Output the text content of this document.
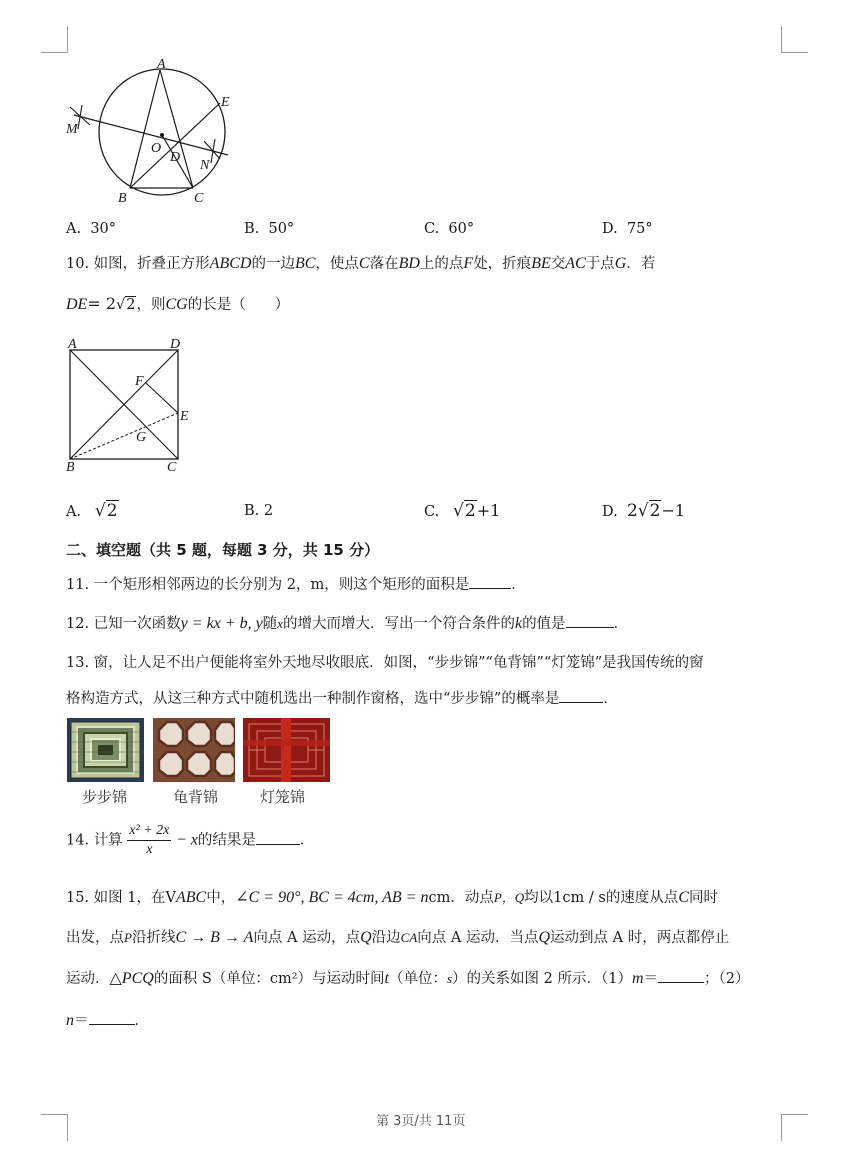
A
E
M
O
D
N
B	C
A. 30°	B. 50°	C. 60°	D. 75°
10. 如图，折叠正方形ABCD的一边BC，使点C落在BD上的点F处，折痕BE交AC于点G．若
DE= 2√2，则CG的长是（　　）
A	D
F
E
G
B	C
A. √2	B. 2	C. √2+1	D. 2√2−1
二、填空题（共 5 题，每题 3 分，共 15 分）
11. 一个矩形相邻两边的长分别为 2，m，则这个矩形的面积是	．
12. 已知一次函数y = kx + b, y随x的增大而增大．写出一个符合条件的k的值是	．
13. 窗，让人足不出户便能将室外天地尽收眼底．如图，“步步锦”“龟背锦”“灯笼锦”是我国传统的窗
格构造方式，从这三种方式中随机选出一种制作窗格，选中“步步锦”的概率是	．
步步锦	龟背锦	灯笼锦
14. 计算 $\frac{\text{x² + 2x}}{x} - x$的结果是	．
15. 如图 1，在VABC中，∠C = 90°, BC = 4cm, AB = ncm．动点P，Q均以1cm / s的速度从点C同时
出发，点P沿折线C → B → A向点 A 运动，点Q沿边CA向点 A 运动．当点Q运动到点 A 时，两点都停止
运动．△PCQ的面积 S（单位：cm²）与运动时间t（单位：s）的关系如图 2 所示．（1）m＝	；（2）
n＝	．
第 3页/共 11页
